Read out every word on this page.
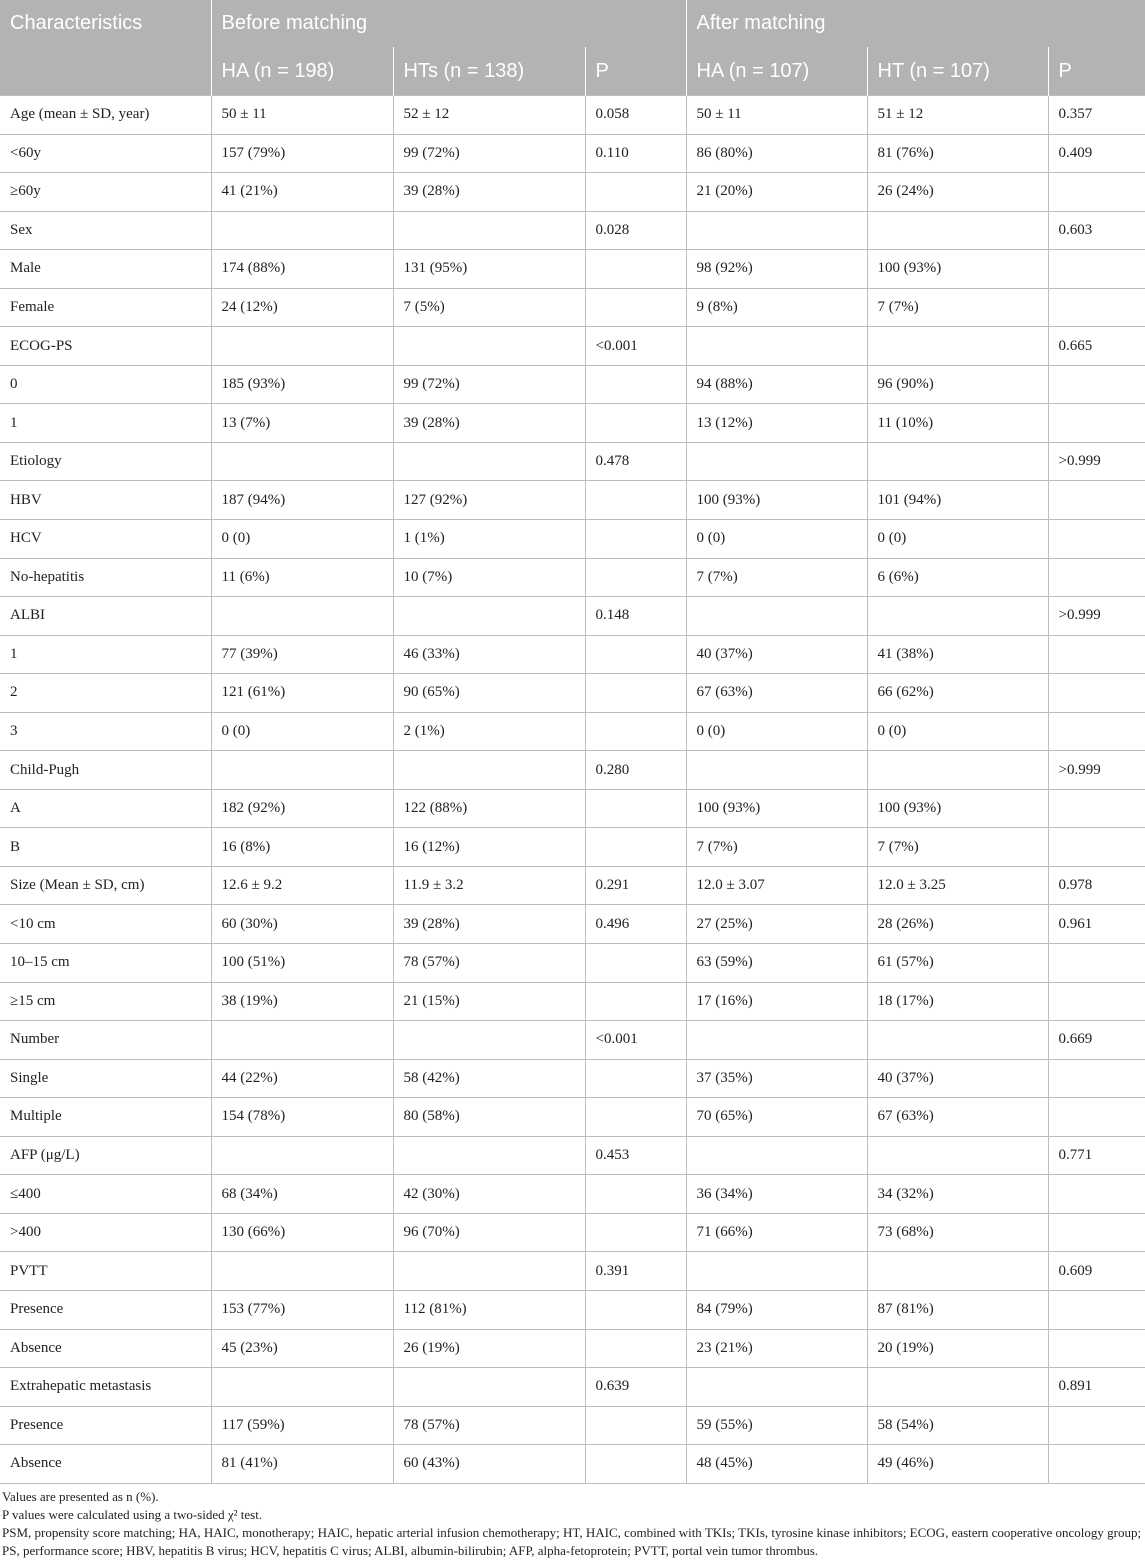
Characteristics	Before matching			After matching		
	HA (n = 198)	HTs (n = 138)	P	HA (n = 107)	HT (n = 107)	P
Age (mean ± SD, year)	50 ± 11	52 ± 12	0.058	50 ± 11	51 ± 12	0.357
<60y	157 (79%)	99 (72%)	0.110	86 (80%)	81 (76%)	0.409
≥60y	41 (21%)	39 (28%)		21 (20%)	26 (24%)	
Sex			0.028			0.603
Male	174 (88%)	131 (95%)		98 (92%)	100 (93%)	
Female	24 (12%)	7 (5%)		9 (8%)	7 (7%)	
ECOG-PS			<0.001			0.665
0	185 (93%)	99 (72%)		94 (88%)	96 (90%)	
1	13 (7%)	39 (28%)		13 (12%)	11 (10%)	
Etiology			0.478			>0.999
HBV	187 (94%)	127 (92%)		100 (93%)	101 (94%)	
HCV	0 (0)	1 (1%)		0 (0)	0 (0)	
No-hepatitis	11 (6%)	10 (7%)		7 (7%)	6 (6%)	
ALBI			0.148			>0.999
1	77 (39%)	46 (33%)		40 (37%)	41 (38%)	
2	121 (61%)	90 (65%)		67 (63%)	66 (62%)	
3	0 (0)	2 (1%)		0 (0)	0 (0)	
Child-Pugh			0.280			>0.999
A	182 (92%)	122 (88%)		100 (93%)	100 (93%)	
B	16 (8%)	16 (12%)		7 (7%)	7 (7%)	
Size (Mean ± SD, cm)	12.6 ± 9.2	11.9 ± 3.2	0.291	12.0 ± 3.07	12.0 ± 3.25	0.978
<10 cm	60 (30%)	39 (28%)	0.496	27 (25%)	28 (26%)	0.961
10–15 cm	100 (51%)	78 (57%)		63 (59%)	61 (57%)	
≥15 cm	38 (19%)	21 (15%)		17 (16%)	18 (17%)	
Number			<0.001			0.669
Single	44 (22%)	58 (42%)		37 (35%)	40 (37%)	
Multiple	154 (78%)	80 (58%)		70 (65%)	67 (63%)	
AFP (μg/L)			0.453			0.771
≤400	68 (34%)	42 (30%)		36 (34%)	34 (32%)	
>400	130 (66%)	96 (70%)		71 (66%)	73 (68%)	
PVTT			0.391			0.609
Presence	153 (77%)	112 (81%)		84 (79%)	87 (81%)	
Absence	45 (23%)	26 (19%)		23 (21%)	20 (19%)	
Extrahepatic metastasis			0.639			0.891
Presence	117 (59%)	78 (57%)		59 (55%)	58 (54%)	
Absence	81 (41%)	60 (43%)		48 (45%)	49 (46%)	

Values are presented as n (%).

P values were calculated using a two-sided χ² test.

PSM, propensity score matching; HA, HAIC, monotherapy; HAIC, hepatic arterial infusion chemotherapy; HT, HAIC, combined with TKIs; TKIs, tyrosine kinase inhibitors; ECOG, eastern cooperative oncology group; PS, performance score; HBV, hepatitis B virus; HCV, hepatitis C virus; ALBI, albumin-bilirubin; AFP, alpha-fetoprotein; PVTT, portal vein tumor thrombus.
